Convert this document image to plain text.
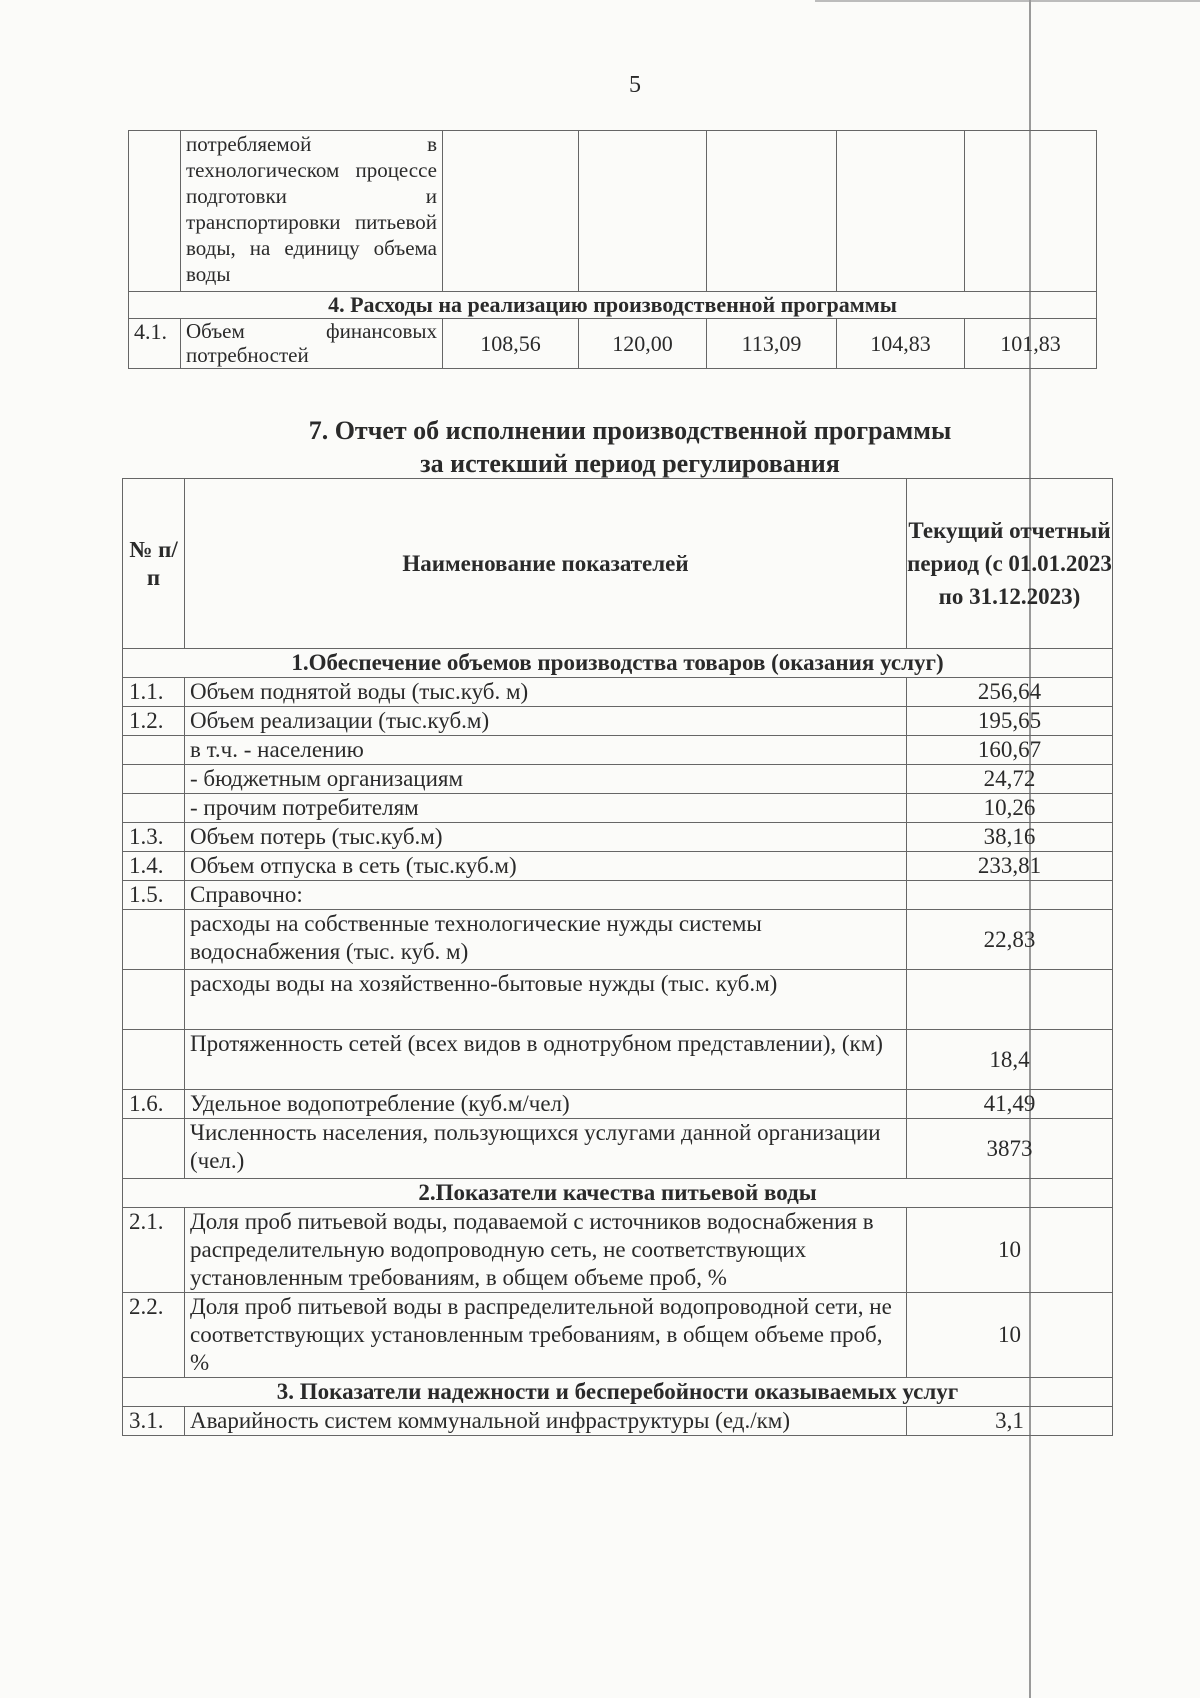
5
	потребляемой в технологическом процессе подготовки и транспортировки питьевой воды, на единицу объема воды					
4. Расходы на реализацию производственной программы						
4.1.	Объем финансовых потребностей	108,56	120,00	113,09	104,83	101,83
7. Отчет об исполнении производственной программы
за истекший период регулирования
№ п/п	Наименование показателей	Текущий отчетный период (с 01.01.2023 по 31.12.2023)
1.Обеспечение объемов производства товаров (оказания услуг)		
1.1.	Объем поднятой воды (тыс.куб. м)	256,64
1.2.	Объем реализации (тыс.куб.м)	195,65
	в т.ч. - населению	160,67
	- бюджетным организациям	24,72
	- прочим потребителям	10,26
1.3.	Объем потерь (тыс.куб.м)	38,16
1.4.	Объем отпуска в сеть (тыс.куб.м)	233,81
1.5.	Справочно:	
	расходы на собственные технологические нужды системы водоснабжения (тыс. куб. м)	22,83
	расходы воды на хозяйственно-бытовые нужды (тыс. куб.м)	
	Протяженность сетей (всех видов в однотрубном представлении), (км)	18,4
1.6.	Удельное водопотребление (куб.м/чел)	41,49
	Численность населения, пользующихся услугами данной организации (чел.)	3873
2.Показатели качества питьевой воды		
2.1.	Доля проб питьевой воды, подаваемой с источников водоснабжения в распределительную водопроводную сеть, не соответствующих установленным требованиям, в общем объеме проб, %	10
2.2.	Доля проб питьевой воды в распределительной водопроводной сети, не соответствующих установленным требованиям, в общем объеме проб, %	10
3. Показатели надежности и бесперебойности оказываемых услуг		
3.1.	Аварийность систем коммунальной инфраструктуры (ед./км)	3,1
